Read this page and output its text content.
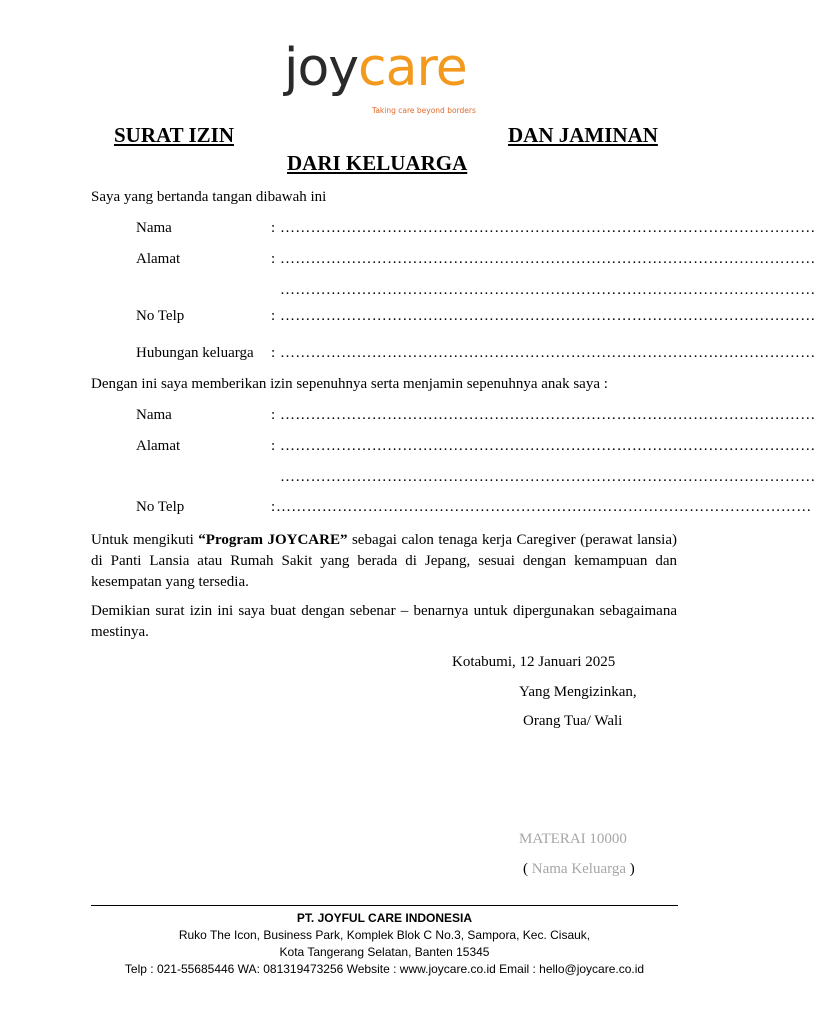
joycare
Taking care beyond borders
SURAT IZIN	DAN JAMINAN
DARI KELUARGA
Saya yang bertanda tangan dibawah ini
Nama	: ……………………………………………………………………………………………
Alamat	: ……………………………………………………………………………………………
……………………………………………………………………………………………
No Telp	: ……………………………………………………………………………………………
Hubungan keluarga : ……………………………………………………………………………………………
Dengan ini saya memberikan izin sepenuhnya serta menjamin sepenuhnya anak saya :
Nama	: ……………………………………………………………………………………………
Alamat	: ……………………………………………………………………………………………
……………………………………………………………………………………………
No Telp	: ……………………………………………………………………………………………
Untuk mengikuti “Program JOYCARE” sebagai calon tenaga kerja Caregiver (perawat lansia) di Panti Lansia atau Rumah Sakit yang berada di Jepang, sesuai dengan kemampuan dan kesempatan yang tersedia.
Demikian surat izin ini saya buat dengan sebenar – benarnya untuk dipergunakan sebagaimana mestinya.
Kotabumi, 12 Januari 2025
Yang Mengizinkan,
Orang Tua/ Wali
MATERAI 10000
( Nama Keluarga )
PT. JOYFUL CARE INDONESIA
Ruko The Icon, Business Park, Komplek Blok C No.3, Sampora, Kec. Cisauk,
Kota Tangerang Selatan, Banten 15345
Telp : 021-55685446 WA: 081319473256 Website : www.joycare.co.id Email : hello@joycare.co.id
